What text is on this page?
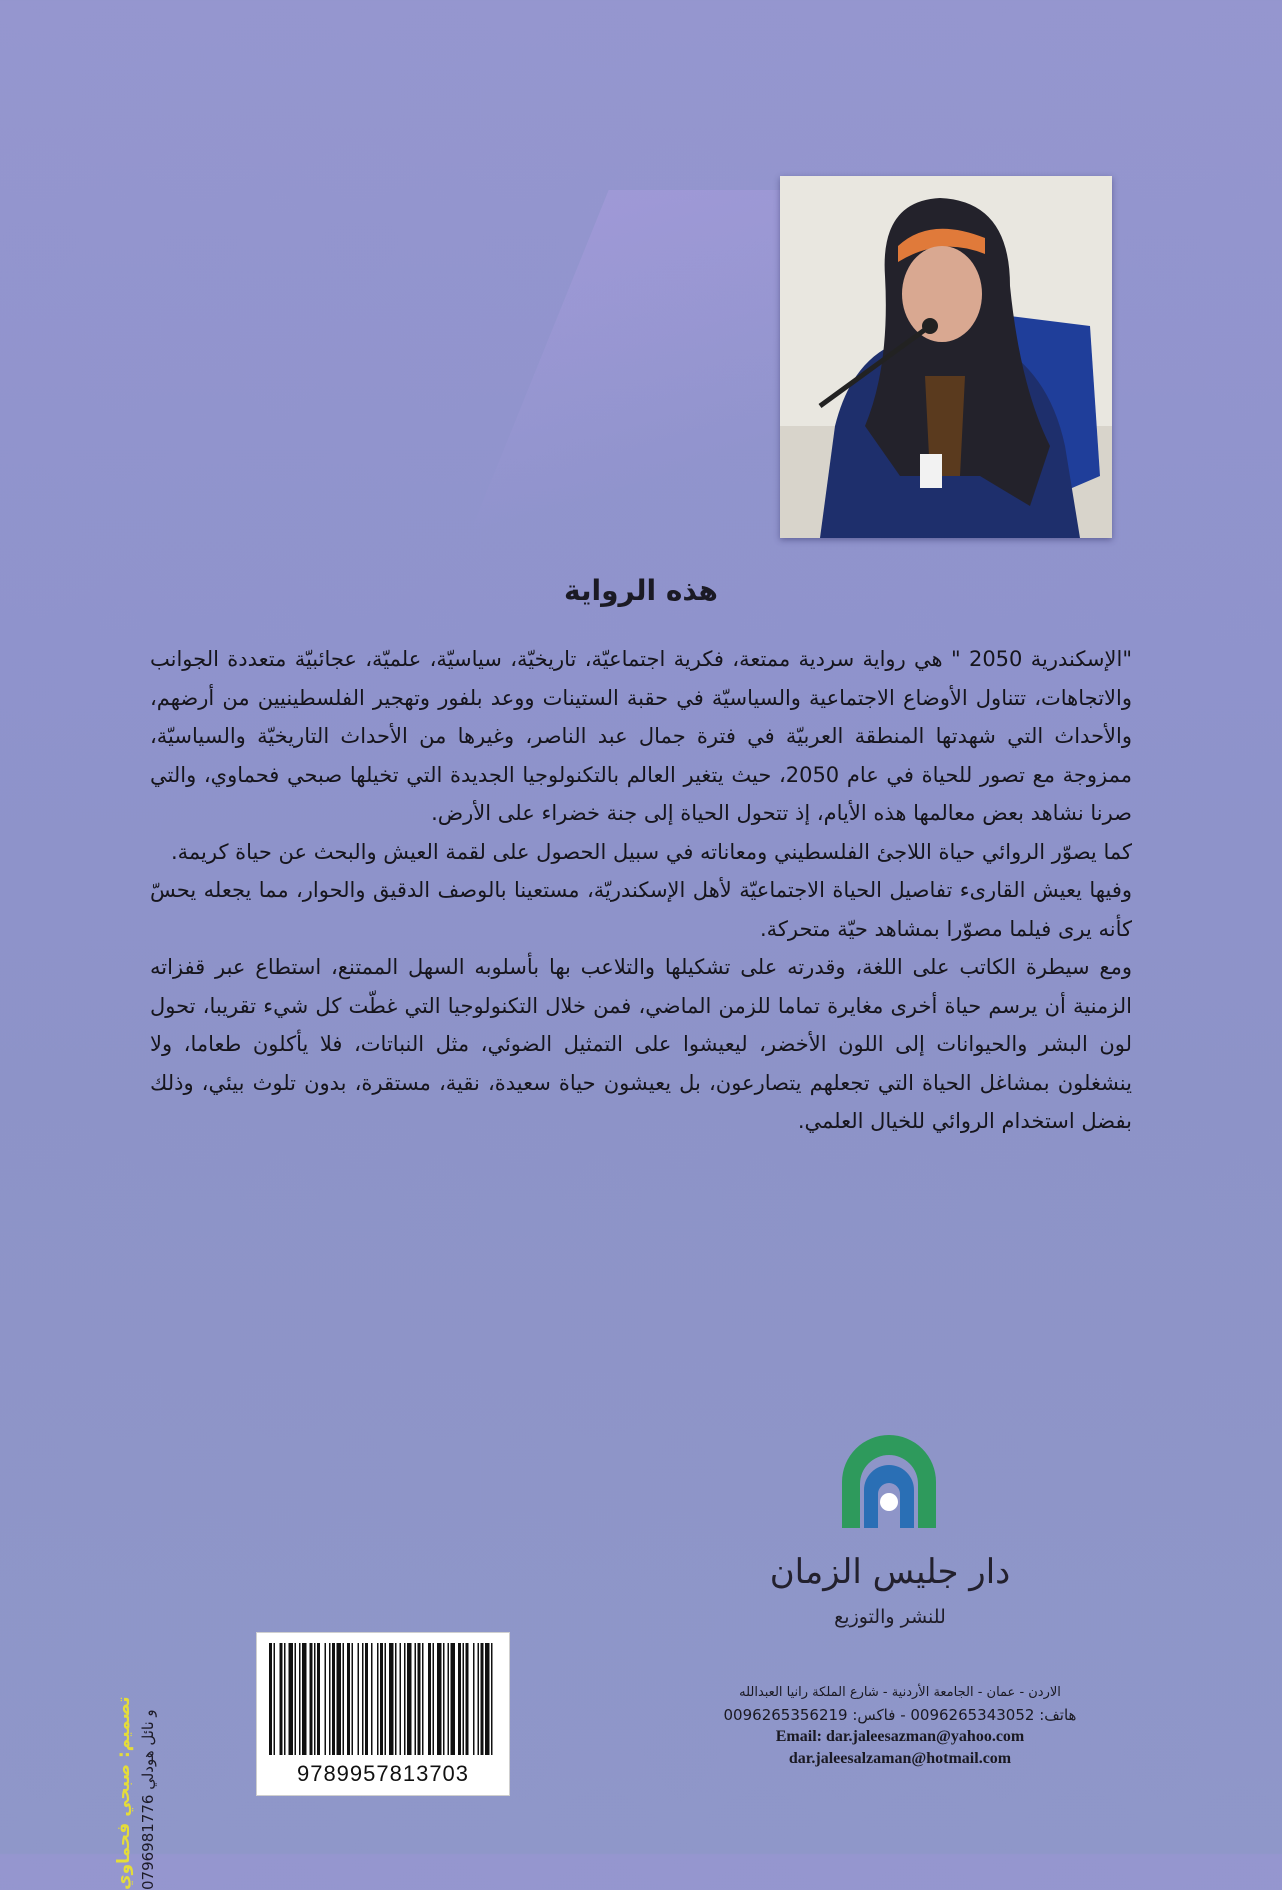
هذه الرواية

"الإسكندرية 2050 " هي رواية سردية ممتعة، فكرية اجتماعيّة، تاريخيّة، سياسيّة، علميّة، عجائبيّة متعددة الجوانب والاتجاهات، تتناول الأوضاع الاجتماعية والسياسيّة في حقبة الستينات ووعد بلفور وتهجير الفلسطينيين من أرضهم، والأحداث التي شهدتها المنطقة العربيّة في فترة جمال عبد الناصر، وغيرها من الأحداث التاريخيّة والسياسيّة، ممزوجة مع تصور للحياة في عام 2050، حيث يتغير العالم بالتكنولوجيا الجديدة التي تخيلها صبحي فحماوي، والتي صرنا نشاهد بعض معالمها هذه الأيام، إذ تتحول الحياة إلى جنة خضراء على الأرض.

كما يصوّر الروائي حياة اللاجئ الفلسطيني ومعاناته في سبيل الحصول على لقمة العيش والبحث عن حياة كريمة.

وفيها يعيش القارىء تفاصيل الحياة الاجتماعيّة لأهل الإسكندريّة، مستعينا بالوصف الدقيق والحوار، مما يجعله يحسّ كأنه يرى فيلما مصوّرا بمشاهد حيّة متحركة.

ومع سيطرة الكاتب على اللغة، وقدرته على تشكيلها والتلاعب بها بأسلوبه السهل الممتنع، استطاع عبر قفزاته الزمنية أن يرسم حياة أخرى مغايرة تماما للزمن الماضي، فمن خلال التكنولوجيا التي غطّت كل شيء تقريبا، تحول لون البشر والحيوانات إلى اللون الأخضر، ليعيشوا على التمثيل الضوئي، مثل النباتات، فلا يأكلون طعاما، ولا ينشغلون بمشاغل الحياة التي تجعلهم يتصارعون، بل يعيشون حياة سعيدة، نقية، مستقرة، بدون تلوث بيئي، وذلك بفضل استخدام الروائي للخيال العلمي.

دار جليس الزمان
للنشر والتوزيع
الاردن - عمان - الجامعة الأردنية - شارع الملكة رانيا العبدالله
هاتف: 0096265343052 - فاكس: 0096265356219
Email: dar.jaleesazman@yahoo.com
dar.jaleesalzaman@hotmail.com
9789957813703
تصميم: صبحي فحماوي و نائل هودلي 0796981776
